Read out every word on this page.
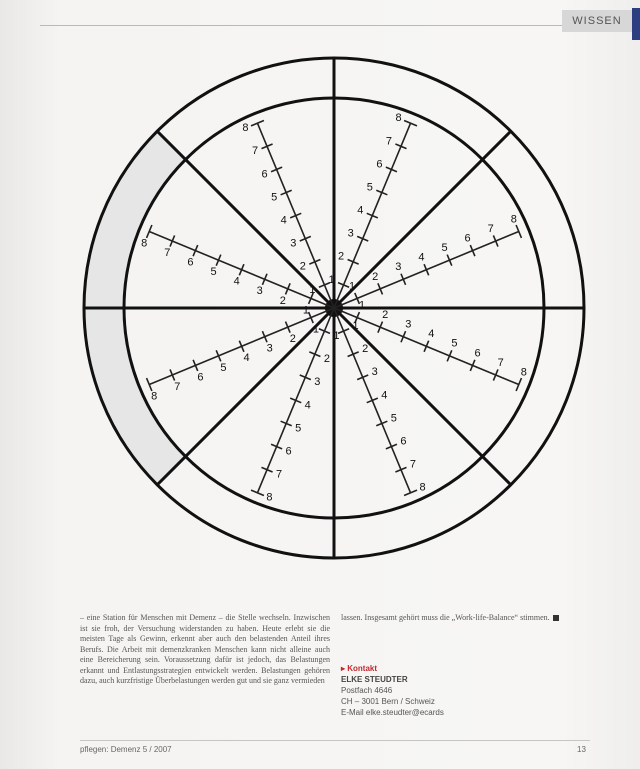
WISSEN
1
2
3
4
5
6
7
8
1
2
3
4
5
6
7
8
1
2
3
4
5
6
7
8
1
2
3
4
5
6
7
8
1
2
3
4
5
6
7
8
1
2
3
4
5
6
7
8
1
2
3
4
5
6
7
8
1
2
3
4
5
6
7
8
– eine Station für Menschen mit Demenz – die Stelle wechseln. Inzwischen ist sie froh, der Versuchung widerstanden zu haben. Heute erlebt sie die meisten Tage als Gewinn, erkennt aber auch den belastenden Anteil ihres Berufs. Die Arbeit mit demenzkranken Menschen kann nicht alleine auch eine Bereicherung sein. Voraussetzung dafür ist jedoch, das Belastungen erkannt und Entlastungsstrategien entwickelt werden. Belastungen gehören dazu, auch kurzfristige Überbelastungen werden gut und sie ganz vermieden
lassen. Insgesamt gehört muss die „Work-life-Balance“ stimmen.
▸ Kontakt
ELKE STEUDTER
Postfach 4646
CH – 3001 Bern / Schweiz
E-Mail elke.steudter@ecards
pflegen: Demenz 5 / 2007	13
